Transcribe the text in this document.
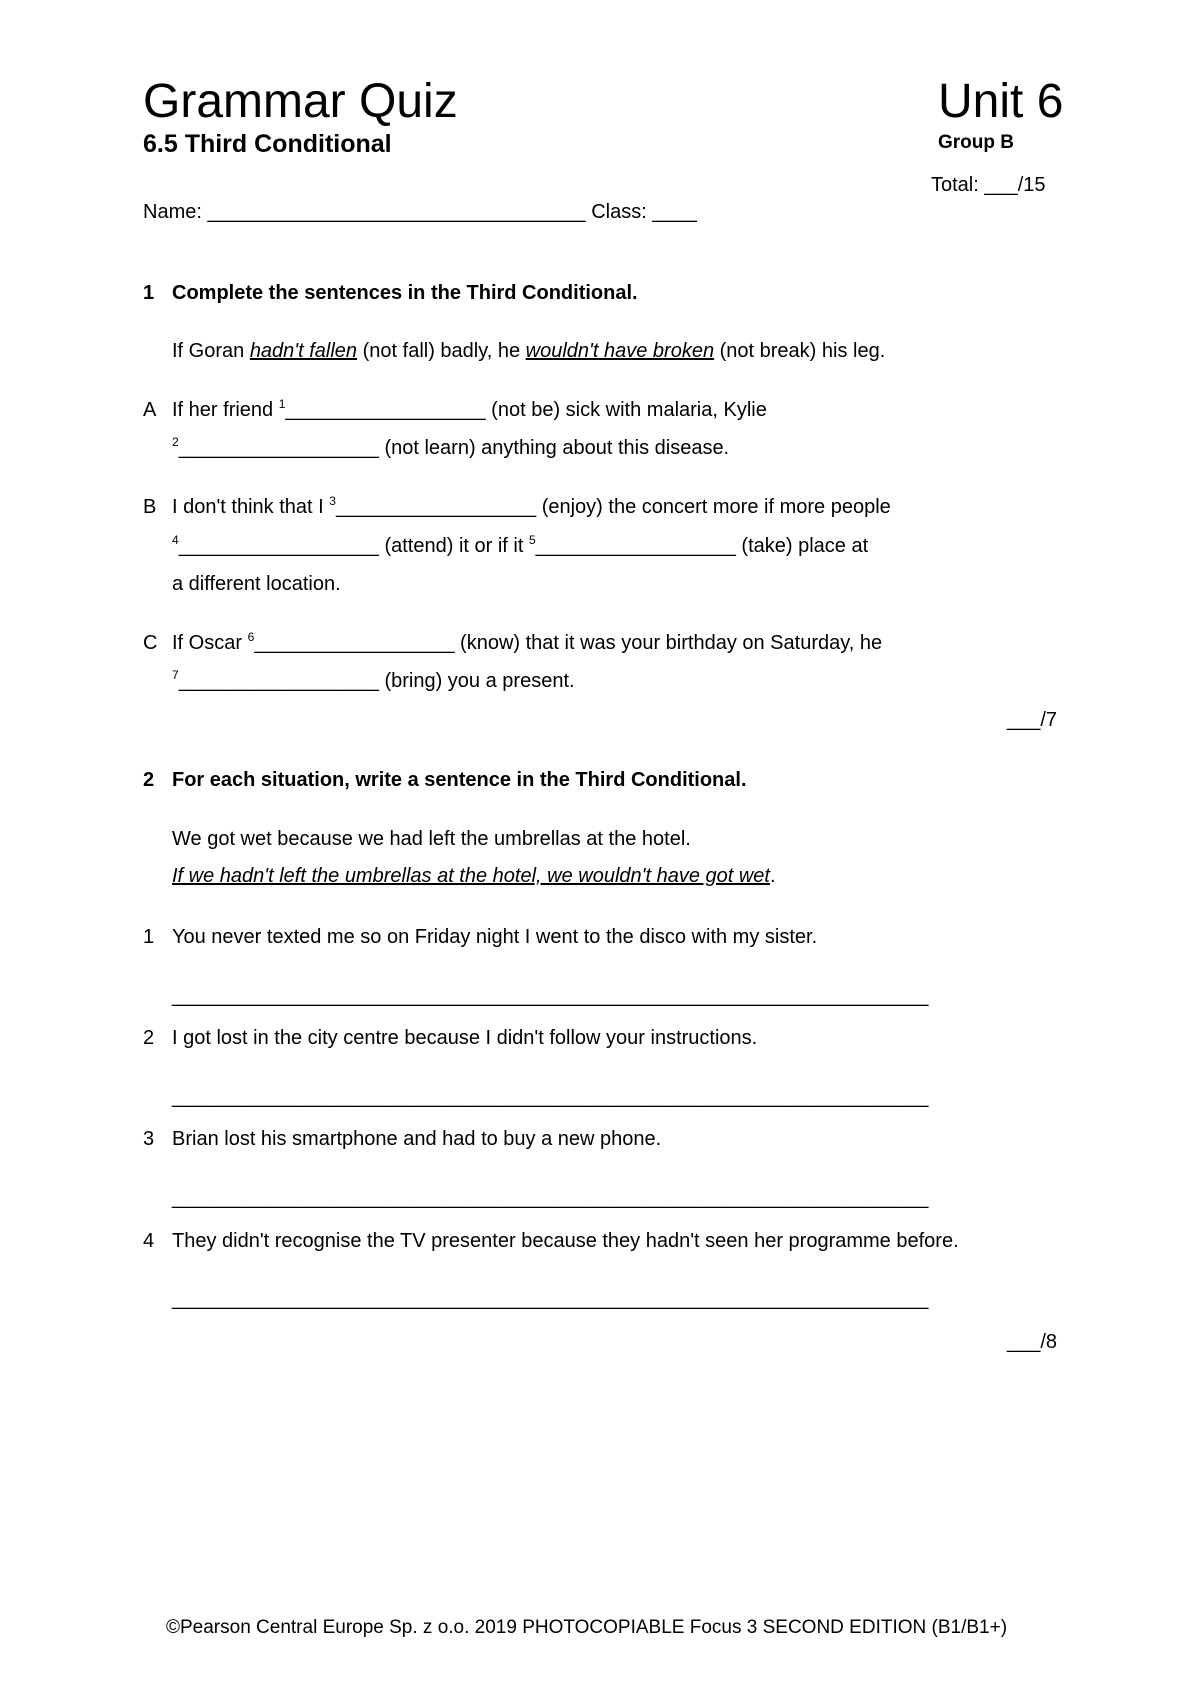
Grammar Quiz
6.5 Third Conditional
Unit 6
Group B
Total: ___/15
Name: __________________________________ Class: ____
1 Complete the sentences in the Third Conditional.
If Goran hadn't fallen (not fall) badly, he wouldn't have broken (not break) his leg.
A If her friend $^1$__________________ (not be) sick with malaria, Kylie
$^2$__________________ (not learn) anything about this disease.
B I don't think that I $^3$__________________ (enjoy) the concert more if more people
$^4$__________________ (attend) it or if it $^5$__________________ (take) place at
a different location.
C If Oscar $^6$__________________ (know) that it was your birthday on Saturday, he
$^7$__________________ (bring) you a present.
___/7
2 For each situation, write a sentence in the Third Conditional.
We got wet because we had left the umbrellas at the hotel.
If we hadn't left the umbrellas at the hotel, we wouldn't have got wet.
1 You never texted me so on Friday night I went to the disco with my sister.
____________________________________________________________________
2 I got lost in the city centre because I didn't follow your instructions.
____________________________________________________________________
3 Brian lost his smartphone and had to buy a new phone.
____________________________________________________________________
4 They didn't recognise the TV presenter because they hadn't seen her programme before.
____________________________________________________________________
___/8
©Pearson Central Europe Sp. z o.o. 2019 PHOTOCOPIABLE Focus 3 SECOND EDITION (B1/B1+)
